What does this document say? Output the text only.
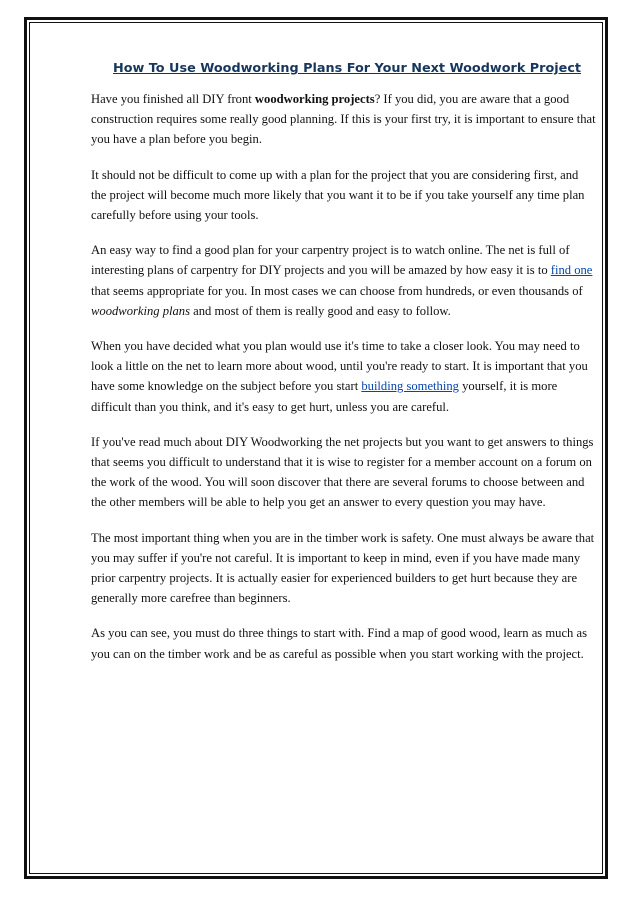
How To Use Woodworking Plans For Your Next Woodwork Project

Have you finished all DIY front woodworking projects? If you did, you are aware that a good construction requires some really good planning. If this is your first try, it is important to ensure that you have a plan before you begin.

It should not be difficult to come up with a plan for the project that you are considering first, and the project will become much more likely that you want it to be if you take yourself any time plan carefully before using your tools.

An easy way to find a good plan for your carpentry project is to watch online. The net is full of interesting plans of carpentry for DIY projects and you will be amazed by how easy it is to find one that seems appropriate for you. In most cases we can choose from hundreds, or even thousands of woodworking plans and most of them is really good and easy to follow.

When you have decided what you plan would use it's time to take a closer look. You may need to look a little on the net to learn more about wood, until you're ready to start. It is important that you have some knowledge on the subject before you start building something yourself, it is more difficult than you think, and it's easy to get hurt, unless you are careful.

If you've read much about DIY Woodworking the net projects but you want to get answers to things that seems you difficult to understand that it is wise to register for a member account on a forum on the work of the wood. You will soon discover that there are several forums to choose between and the other members will be able to help you get an answer to every question you may have.

The most important thing when you are in the timber work is safety. One must always be aware that you may suffer if you're not careful. It is important to keep in mind, even if you have made many prior carpentry projects. It is actually easier for experienced builders to get hurt because they are generally more carefree than beginners.

As you can see, you must do three things to start with. Find a map of good wood, learn as much as you can on the timber work and be as careful as possible when you start working with the project.
